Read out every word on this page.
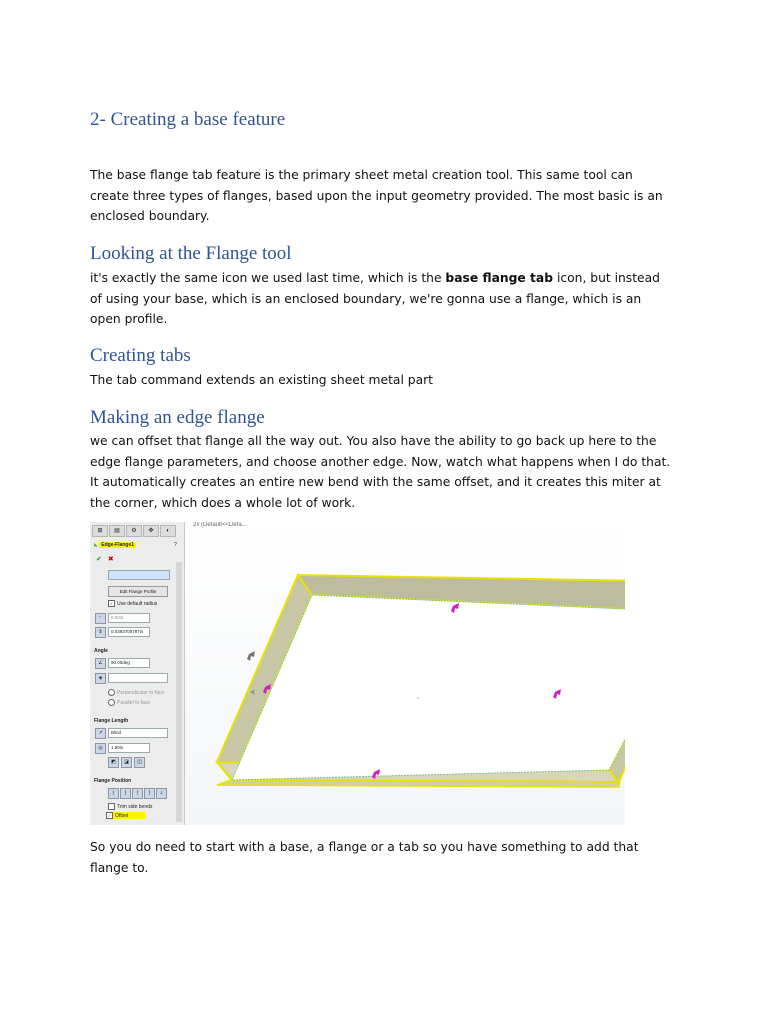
2- Creating a base feature

The base flange tab feature is the primary sheet metal creation tool. This same tool can create three types of flanges, based upon the input geometry provided. The most basic is an enclosed boundary.

Looking at the Flange tool

it's exactly the same icon we used last time, which is the base flange tab icon, but instead of using your base, which is an enclosed boundary, we're gonna use a flange, which is an open profile.

Creating tabs

The tab command extends an existing sheet metal part

Making an edge flange

we can offset that flange all the way out. You also have the ability to go back up here to the edge flange parameters, and choose another edge. Now, watch what happens when I do that. It automatically creates an entire new bend with the same offset, and it creates this miter at the corner, which does a whole lot of work.

⊞ ▤ ⚙ ✥ ◐
◣ Edge-Flange1	?
✔ ✖
Edit Flange Profile
✓ Use default radius
◜	0.03in
⇕	0.0393700787in
Angle
∠	90.00deg
◈
Perpendicular to face
Parallel to face
Flange Length
↗	Blind
◎	1.50in
◩	◪	◫
Flange Position
⌊	⌋	⌈	⌉	⊥
Trim side bends
✓ Offset
⊰
2x (Default<<Defa...

So you do need to start with a base, a flange or a tab so you have something to add that flange to.
